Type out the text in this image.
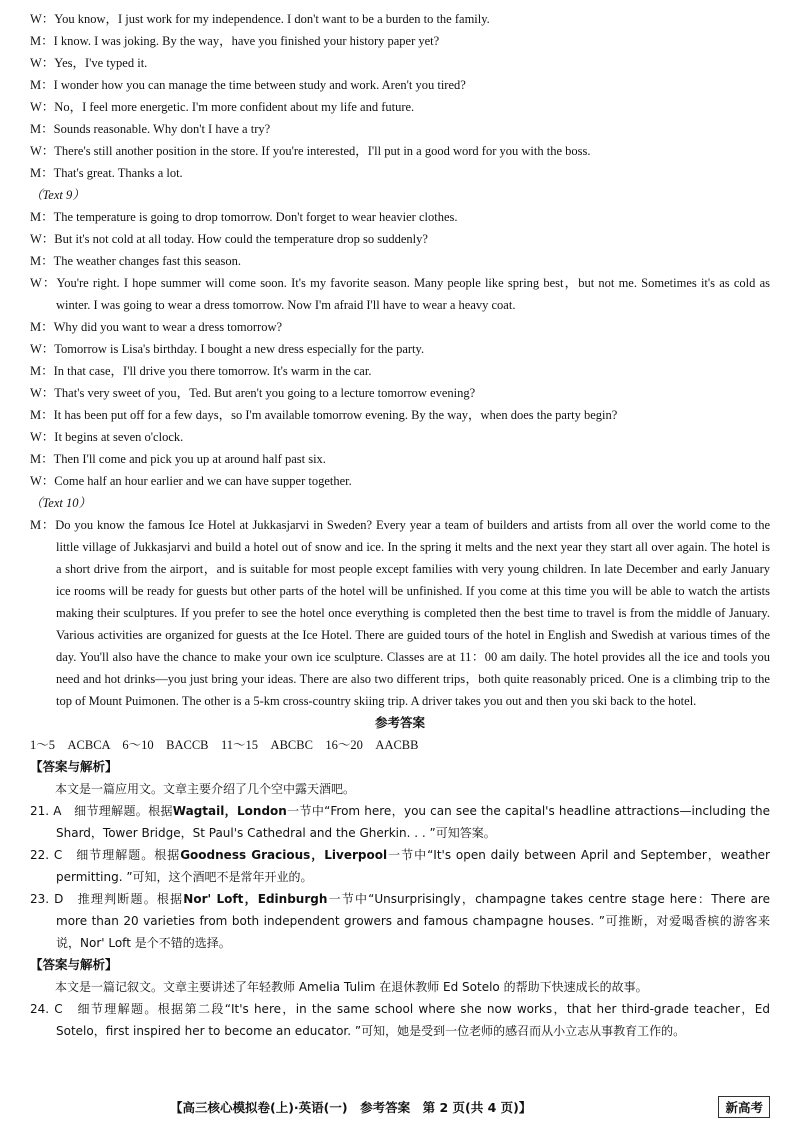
W：You know，I just work for my independence. I don't want to be a burden to the family.
M：I know. I was joking. By the way，have you finished your history paper yet?
W：Yes，I've typed it.
M：I wonder how you can manage the time between study and work. Aren't you tired?
W：No，I feel more energetic. I'm more confident about my life and future.
M：Sounds reasonable. Why don't I have a try?
W：There's still another position in the store. If you're interested，I'll put in a good word for you with the boss.
M：That's great. Thanks a lot.
（Text 9）
M：The temperature is going to drop tomorrow. Don't forget to wear heavier clothes.
W：But it's not cold at all today. How could the temperature drop so suddenly?
M：The weather changes fast this season.
W：You're right. I hope summer will come soon. It's my favorite season. Many people like spring best，but not me. Sometimes it's as cold as winter. I was going to wear a dress tomorrow. Now I'm afraid I'll have to wear a heavy coat.
M：Why did you want to wear a dress tomorrow?
W：Tomorrow is Lisa's birthday. I bought a new dress especially for the party.
M：In that case，I'll drive you there tomorrow. It's warm in the car.
W：That's very sweet of you，Ted. But aren't you going to a lecture tomorrow evening?
M：It has been put off for a few days，so I'm available tomorrow evening. By the way，when does the party begin?
W：It begins at seven o'clock.
M：Then I'll come and pick you up at around half past six.
W：Come half an hour earlier and we can have supper together.
（Text 10）
M：Do you know the famous Ice Hotel at Jukkasjarvi in Sweden? Every year a team of builders and artists from all over the world come to the little village of Jukkasjarvi and build a hotel out of snow and ice. In the spring it melts and the next year they start all over again. The hotel is a short drive from the airport，and is suitable for most people except families with very young children. In late December and early January ice rooms will be ready for guests but other parts of the hotel will be unfinished. If you come at this time you will be able to watch the artists making their sculptures. If you prefer to see the hotel once everything is completed then the best time to travel is from the middle of January. Various activities are organized for guests at the Ice Hotel. There are guided tours of the hotel in English and Swedish at various times of the day. You'll also have the chance to make your own ice sculpture. Classes are at 11：00 am daily. The hotel provides all the ice and tools you need and hot drinks—you just bring your ideas. There are also two different trips，both quite reasonably priced. One is a climbing trip to the top of Mount Puimonen. The other is a 5-km cross-country skiing trip. A driver takes you out and then you ski back to the hotel.
参考答案
1～5　ACBCA　6～10　BACCB　11～15　ABCBC　16～20　AACBB
【答案与解析】
本文是一篇应用文。文章主要介绍了几个空中露天酒吧。
21. A　 细节理解题。根据Wagtail，London一节中“From here，you can see the capital's headline attractions—including the Shard，Tower Bridge，St Paul's Cathedral and the Gherkin. . . ”可知答案。
22. C　 细节理解题。根据Goodness Gracious，Liverpool一节中“It's open daily between April and September，weather permitting. ”可知，这个酒吧不是常年开业的。
23. D　 推理判断题。根据Nor' Loft，Edinburgh一节中“Unsurprisingly，champagne takes centre stage here：There are more than 20 varieties from both independent growers and famous champagne houses. ”可推断，对爱喝香槟的游客来说，Nor' Loft 是个不错的选择。
【答案与解析】
本文是一篇记叙文。文章主要讲述了年轻教师 Amelia Tulim 在退休教师 Ed Sotelo 的帮助下快速成长的故事。
24. C　 细节理解题。根据第二段“It's here，in the same school where she now works，that her third-grade teacher，Ed Sotelo，first inspired her to become an educator. ”可知，她是受到一位老师的感召而从小立志从事教育工作的。
【高三核心模拟卷(上)·英语(一)　参考答案　第 2 页(共 4 页)】	新高考
